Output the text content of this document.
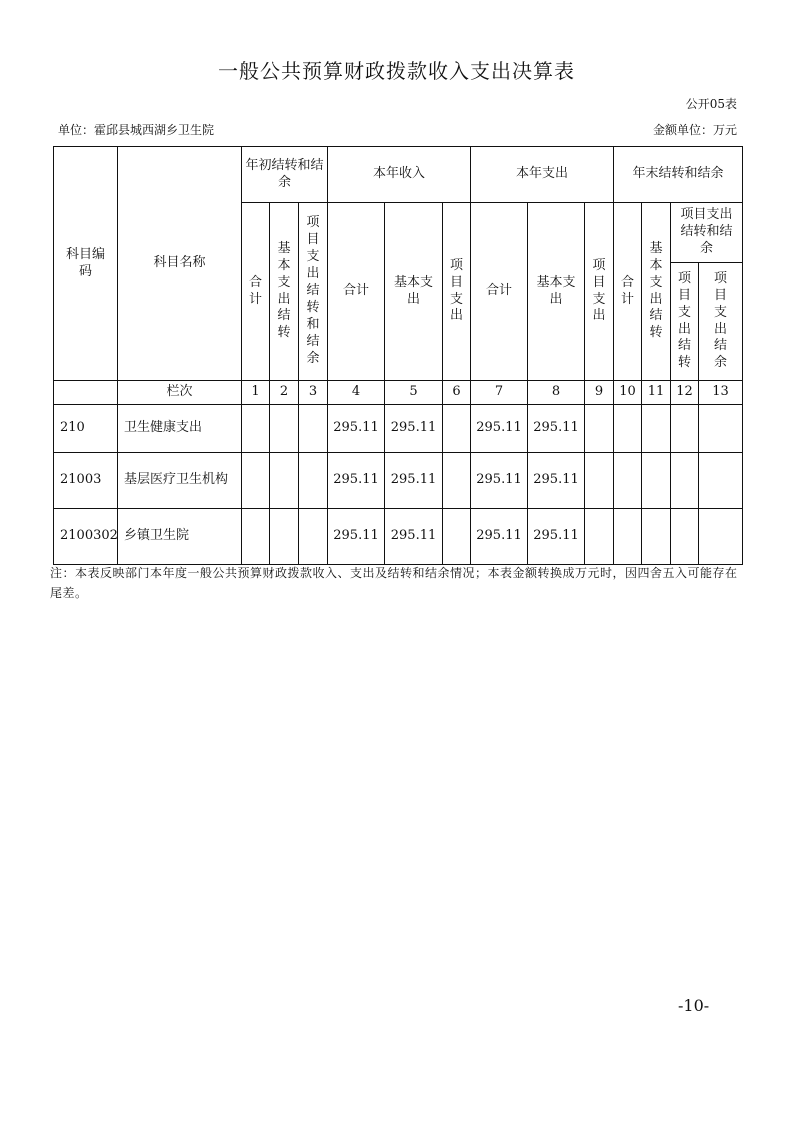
一般公共预算财政拨款收入支出决算表
公开05表
单位：霍邱县城西湖乡卫生院	金额单位：万元
科目编码	科目名称	年初结转和结余			本年收入			本年支出			年末结转和结余			
		合计	基本支出结转	项目支出结转和结余	合计	基本支出	项目支出	合计	基本支出	项目支出	合计	基本支出结转	项目支出结转和结余	
													项目支出结转	项目支出结余
	栏次	1	2	3	4	5	6	7	8	9	10	11	12	13
210	卫生健康支出				295.11	295.11		295.11	295.11					
21003	基层医疗卫生机构				295.11	295.11		295.11	295.11					
2100302	乡镇卫生院				295.11	295.11		295.11	295.11					
注：本表反映部门本年度一般公共预算财政拨款收入、支出及结转和结余情况；本表金额转换成万元时，因四舍五入可能存在尾差。
-10-
